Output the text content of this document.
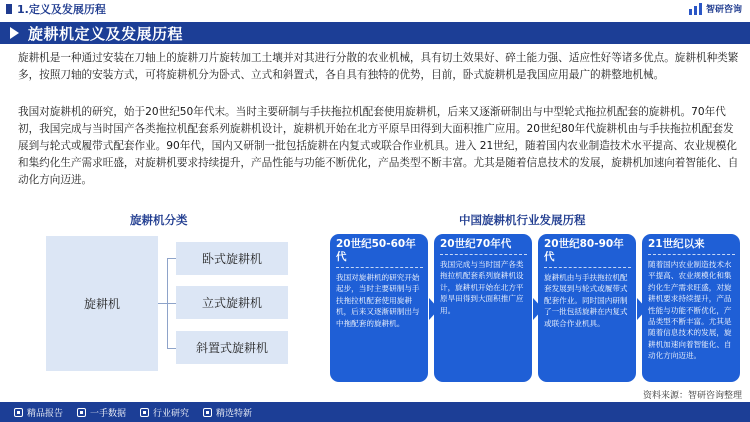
1.定义及发展历程	智研咨询
旋耕机定义及发展历程

旋耕机是一种通过安装在刀轴上的旋耕刀片旋转加工土壤并对其进行分散的农业机械，具有切土效果好、碎土能力强、适应性好等诸多优点。旋耕机种类繁多，按照刀轴的安装方式，可将旋耕机分为卧式、立式和斜置式，各自具有独特的优势，目前，卧式旋耕机是我国应用最广的耕整地机械。

我国对旋耕机的研究，始于20世纪50年代末。当时主要研制与手扶拖拉机配套使用旋耕机，后来又逐渐研制出与中型轮式拖拉机配套的旋耕机。70年代初，我国完成与当时国产各类拖拉机配套系列旋耕机设计，旋耕机开始在北方平原旱田得到大面积推广应用。20世纪80年代旋耕机由与手扶拖拉机配套发展到与轮式或履带式配套作业。90年代，国内又研制一批包括旋耕在内复式或联合作业机具。进入 21世纪，随着国内农业制造技术水平提高、农业规模化和集约化生产需求旺盛，对旋耕机要求持续提升，产品性能与功能不断优化，产品类型不断丰富。尤其是随着信息技术的发展，旋耕机加速向着智能化、自动化方向迈进。

旋耕机分类	中国旋耕机行业发展历程
旋耕机
卧式旋耕机
立式旋耕机
斜置式旋耕机
20世纪50-60年代
我国对旋耕机的研究开始起步，当时主要研制与手扶拖拉机配套使用旋耕机，后来又逐渐研制出与中拖配套的旋耕机。
20世纪70年代
我国完成与当时国产各类拖拉机配套系列旋耕机设计，旋耕机开始在北方平原旱田得到大面积推广应用。
20世纪80-90年代
旋耕机由与手扶拖拉机配套发展到与轮式或履带式配套作业。同时国内研制了一批包括旋耕在内复式或联合作业机具。
21世纪以来
随着国内农业制造技术水平提高、农业规模化和集约化生产需求旺盛，对旋耕机要求持续提升，产品性能与功能不断优化，产品类型不断丰富。尤其是随着信息技术的发展，旋耕机加速向着智能化、自动化方向迈进。
资料来源：智研咨询整理
精品报告	一手数据	行业研究	精选特新
